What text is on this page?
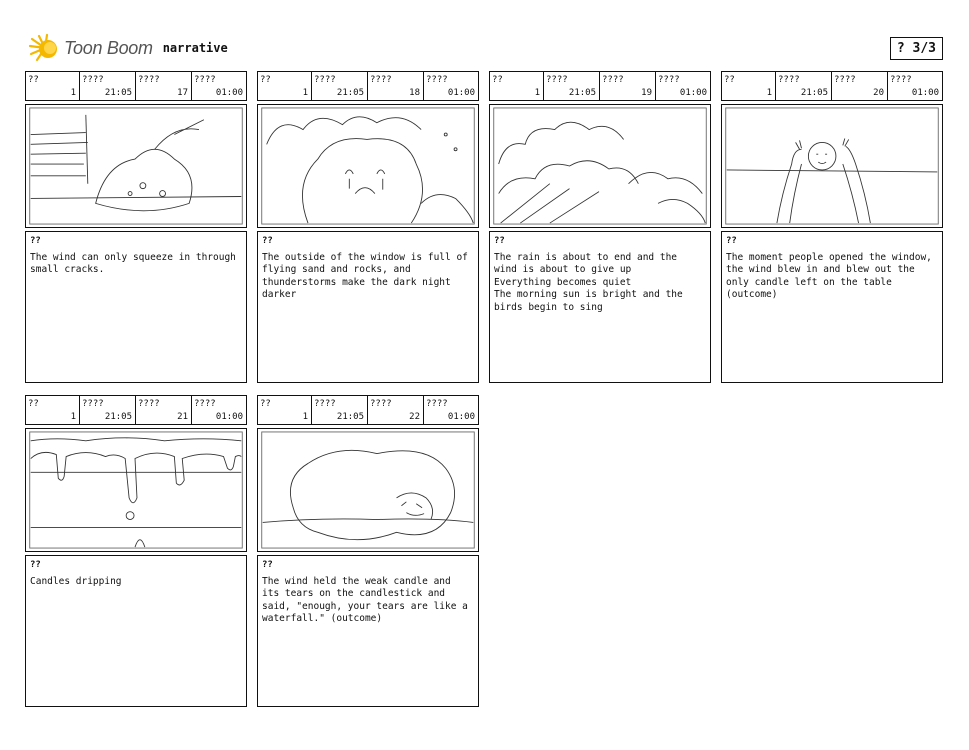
Toon Boom narrative	? 3/3
??
1
????
21:05
????
17
????
01:00
??
The wind can only squeeze in through
small cracks.
??
1
????
21:05
????
18
????
01:00
??
The outside of the window is full of
flying sand and rocks, and
thunderstorms make the dark night
darker
??
1
????
21:05
????
19
????
01:00
??
The rain is about to end and the
wind is about to give up
Everything becomes quiet
The morning sun is bright and the
birds begin to sing
??
1
????
21:05
????
20
????
01:00
??
The moment people opened the window,
the wind blew in and blew out the
only candle left on the table
(outcome)
??
1
????
21:05
????
21
????
01:00
??
Candles dripping
??
1
????
21:05
????
22
????
01:00
??
The wind held the weak candle and
its tears on the candlestick and
said, "enough, your tears are like a
waterfall." (outcome)
